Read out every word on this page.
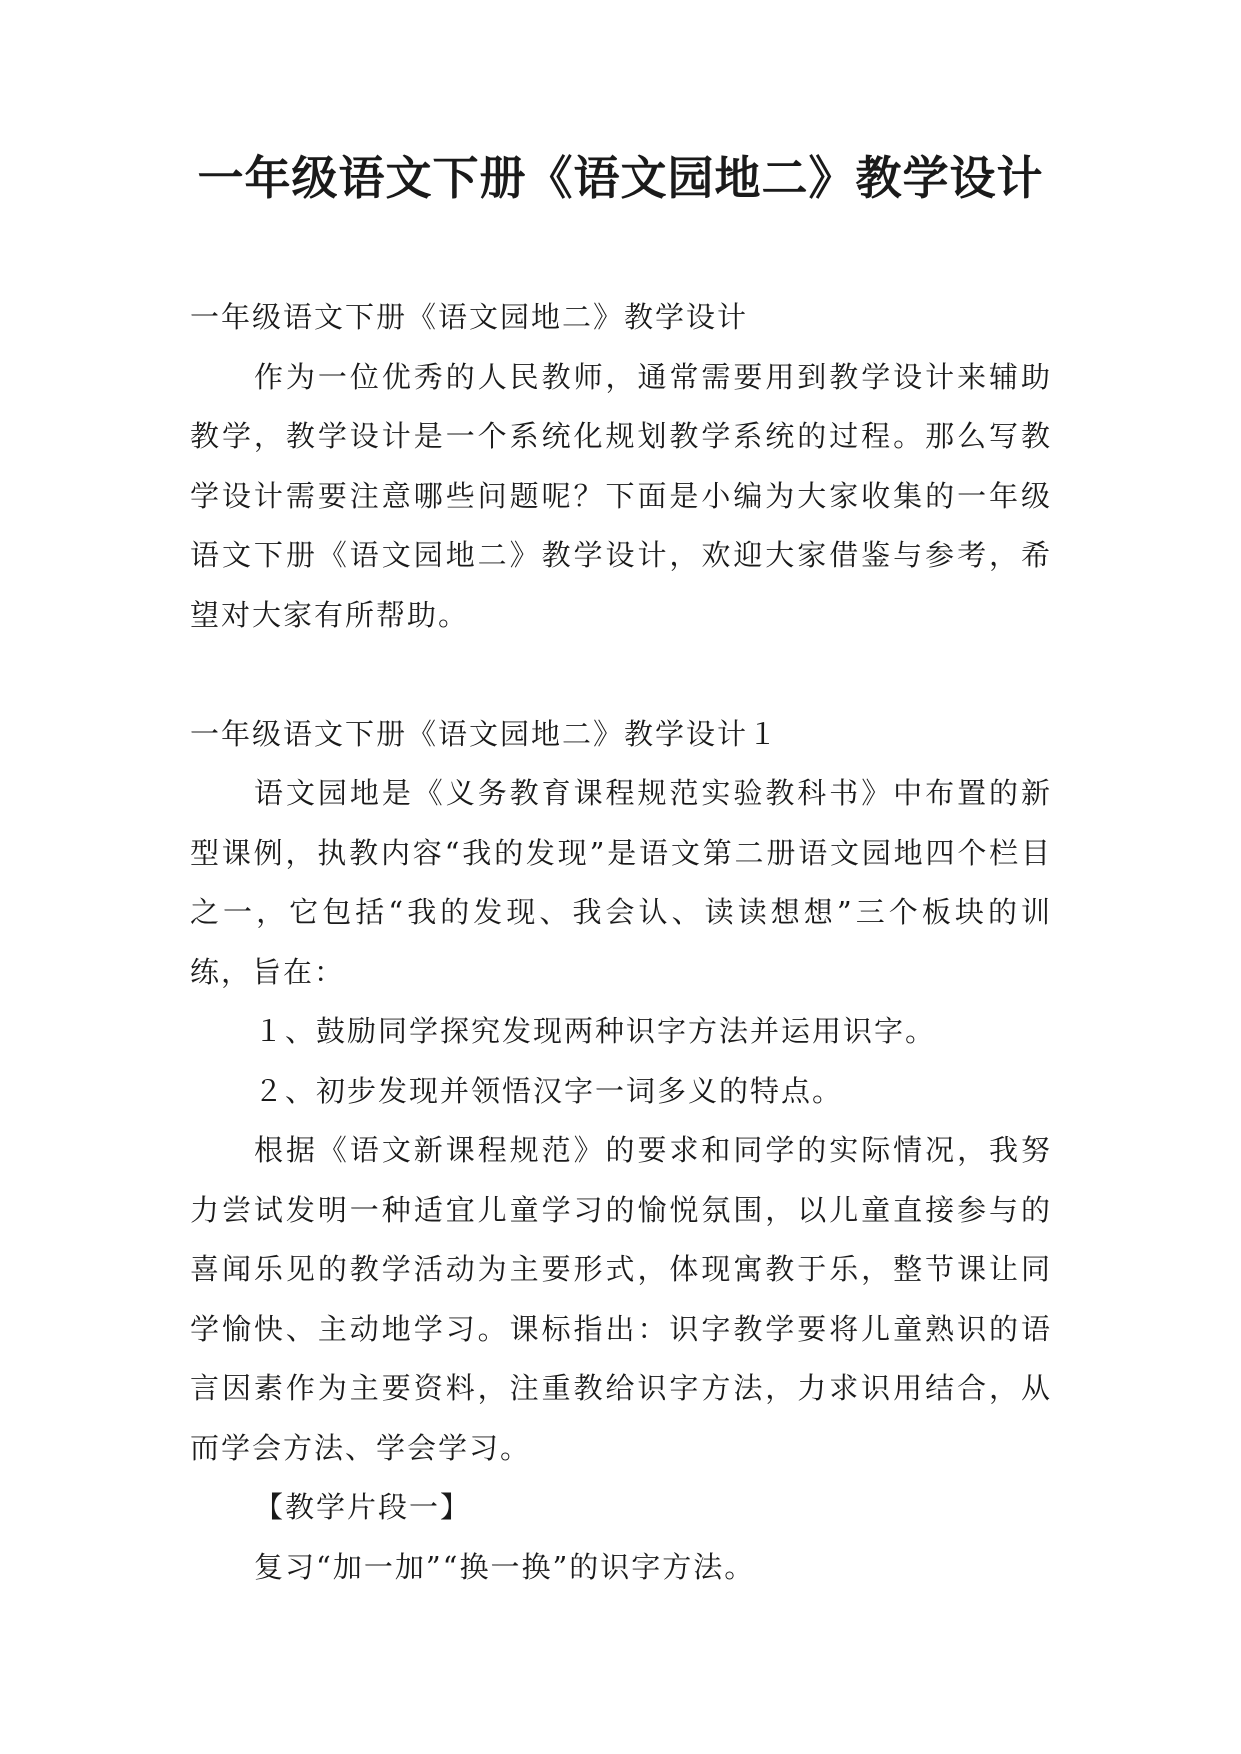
一年级语文下册《语文园地二》教学设计

一年级语文下册《语文园地二》教学设计

作为一位优秀的人民教师，通常需要用到教学设计来辅助教学，教学设计是一个系统化规划教学系统的过程。那么写教学设计需要注意哪些问题呢？下面是小编为大家收集的一年级语文下册《语文园地二》教学设计，欢迎大家借鉴与参考，希望对大家有所帮助。

一年级语文下册《语文园地二》教学设计１

语文园地是《义务教育课程规范实验教科书》中布置的新型课例，执教内容“我的发现”是语文第二册语文园地四个栏目之一，它包括“我的发现、我会认、读读想想”三个板块的训练，旨在：

１、鼓励同学探究发现两种识字方法并运用识字。

２、初步发现并领悟汉字一词多义的特点。

根据《语文新课程规范》的要求和同学的实际情况，我努力尝试发明一种适宜儿童学习的愉悦氛围，以儿童直接参与的喜闻乐见的教学活动为主要形式，体现寓教于乐，整节课让同学愉快、主动地学习。课标指出：识字教学要将儿童熟识的语言因素作为主要资料，注重教给识字方法，力求识用结合，从而学会方法、学会学习。

【教学片段一】

复习“加一加”“换一换”的识字方法。
